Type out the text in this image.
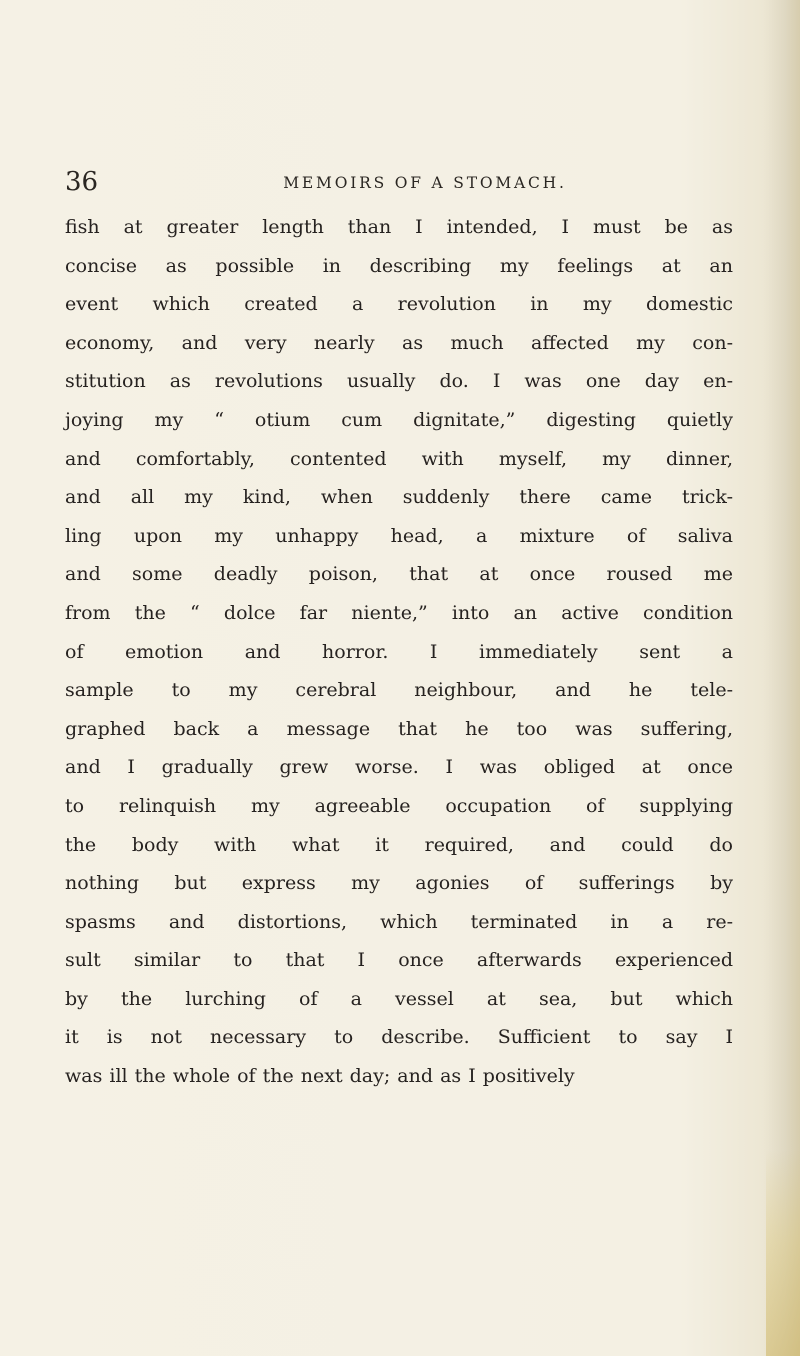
36	MEMOIRS OF A STOMACH.
fish at greater length than I intended, I must be as
concise as possible in describing my feelings at an
event which created a revolution in my domestic
economy, and very nearly as much affected my con-
stitution as revolutions usually do. I was one day en-
joying my “ otium cum dignitate,” digesting quietly
and comfortably, contented with myself, my dinner,
and all my kind, when suddenly there came trick-
ling upon my unhappy head, a mixture of saliva
and some deadly poison, that at once roused me
from the “ dolce far niente,” into an active condition
of emotion and horror. I immediately sent a
sample to my cerebral neighbour, and he tele-
graphed back a message that he too was suffering,
and I gradually grew worse. I was obliged at once
to relinquish my agreeable occupation of supplying
the body with what it required, and could do
nothing but express my agonies of sufferings by
spasms and distortions, which terminated in a re-
sult similar to that I once afterwards experienced
by the lurching of a vessel at sea, but which
it is not necessary to describe. Sufficient to say I
was ill the whole of the next day; and as I positively
